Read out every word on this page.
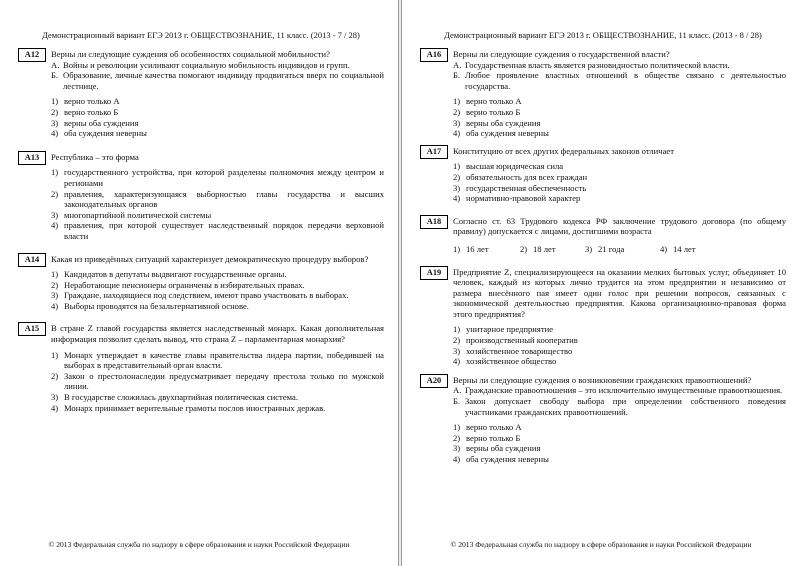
Демонстрационный вариант ЕГЭ 2013 г. ОБЩЕСТВОЗНАНИЕ, 11 класс. (2013 - 7 / 28)
A12	Верны ли следующие суждения об особенностях социальной мобильности?
А. Войны и революции усиливают социальную мобильность индивидов и групп.
Б. Образование, личные качества помогают индивиду продвигаться вверх по социальной лестнице.
1) верно только А
2) верно только Б
3) верны оба суждения
4) оба суждения неверны
A13	Республика – это форма
1) государственного устройства, при которой разделены полномочия между центром и регионами
2) правления, характеризующаяся выборностью главы государства и высших законодательных органов
3) многопартийной политической системы
4) правления, при которой существует наследственный порядок передачи верховной власти
A14	Какая из приведённых ситуаций характеризует демократическую процедуру выборов?
1) Кандидатов в депутаты выдвигают государственные органы.
2) Неработающие пенсионеры ограничены в избирательных правах.
3) Граждане, находящиеся под следствием, имеют право участвовать в выборах.
4) Выборы проводятся на безальтернативной основе.
A15	В стране Z главой государства является наследственный монарх. Какая дополнительная информация позволит сделать вывод, что страна Z – парламентарная монархия?
1) Монарх утверждает в качестве главы правительства лидера партии, победившей на выборах в представительный орган власти.
2) Закон о престолонаследии предусматривает передачу престола только по мужской линии.
3) В государстве сложилась двухпартийная политическая система.
4) Монарх принимает верительные грамоты послов иностранных держав.
© 2013 Федеральная служба по надзору в сфере образования и науки Российской Федерации
Демонстрационный вариант ЕГЭ 2013 г. ОБЩЕСТВОЗНАНИЕ, 11 класс. (2013 - 8 / 28)
A16	Верны ли следующие суждения о государственной власти?
А. Государственная власть является разновидностью политической власти.
Б. Любое проявление властных отношений в обществе связано с деятельностью государства.
1) верно только А
2) верно только Б
3) верны оба суждения
4) оба суждения неверны
A17	Конституцию от всех других федеральных законов отличает
1) высшая юридическая сила
2) обязательность для всех граждан
3) государственная обеспеченность
4) нормативно-правовой характер
A18	Согласно ст. 63 Трудового кодекса РФ заключение трудового договора (по общему правилу) допускается с лицами, достигшими возраста
1) 16 лет	2) 18 лет	3) 21 года	4) 14 лет
A19	Предприятие Z, специализирующееся на оказании мелких бытовых услуг, объединяет 10 человек, каждый из которых лично трудится на этом предприятии и независимо от размера внесённого пая имеет один голос при решении вопросов, связанных с экономической деятельностью предприятия. Какова организационно-правовая форма этого предприятия?
1) унитарное предприятие
2) производственный кооператив
3) хозяйственное товарищество
4) хозяйственное общество
A20	Верны ли следующие суждения о возникновении гражданских правоотношений?
А. Гражданские правоотношения – это исключительно имущественные правоотношения.
Б. Закон допускает свободу выбора при определении собственного поведения участниками гражданских правоотношений.
1) верно только А
2) верно только Б
3) верны оба суждения
4) оба суждения неверны
© 2013 Федеральная служба по надзору в сфере образования и науки Российской Федерации
